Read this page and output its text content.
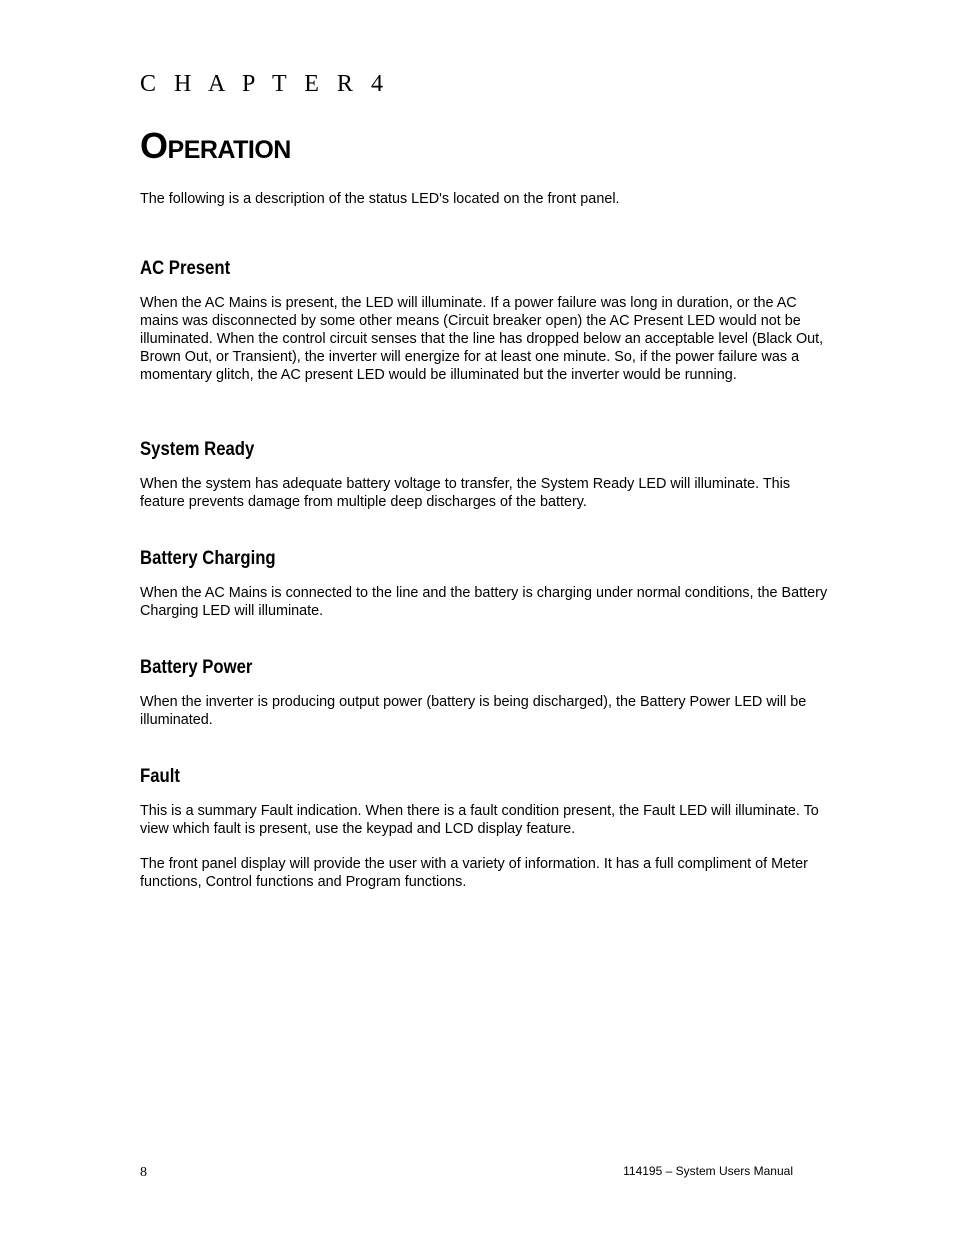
C H A P T E R 4
OPERATION

The following is a description of the status LED's located on the front panel.

AC Present

When the AC Mains is present, the LED will illuminate. If a power failure was long in duration, or the AC mains was disconnected by some other means (Circuit breaker open) the AC Present LED would not be illuminated. When the control circuit senses that the line has dropped below an acceptable level (Black Out, Brown Out, or Transient), the inverter will energize for at least one minute. So, if the power failure was a momentary glitch, the AC present LED would be illuminated but the inverter would be running.

System Ready

When the system has adequate battery voltage to transfer, the System Ready LED will illuminate. This feature prevents damage from multiple deep discharges of the battery.

Battery Charging

When the AC Mains is connected to the line and the battery is charging under normal conditions, the Battery Charging LED will illuminate.

Battery Power

When the inverter is producing output power (battery is being discharged), the Battery Power LED will be illuminated.

Fault

This is a summary Fault indication. When there is a fault condition present, the Fault LED will illuminate. To view which fault is present, use the keypad and LCD display feature.

The front panel display will provide the user with a variety of information. It has a full compliment of Meter functions, Control functions and Program functions.

8	114195 – System Users Manual
